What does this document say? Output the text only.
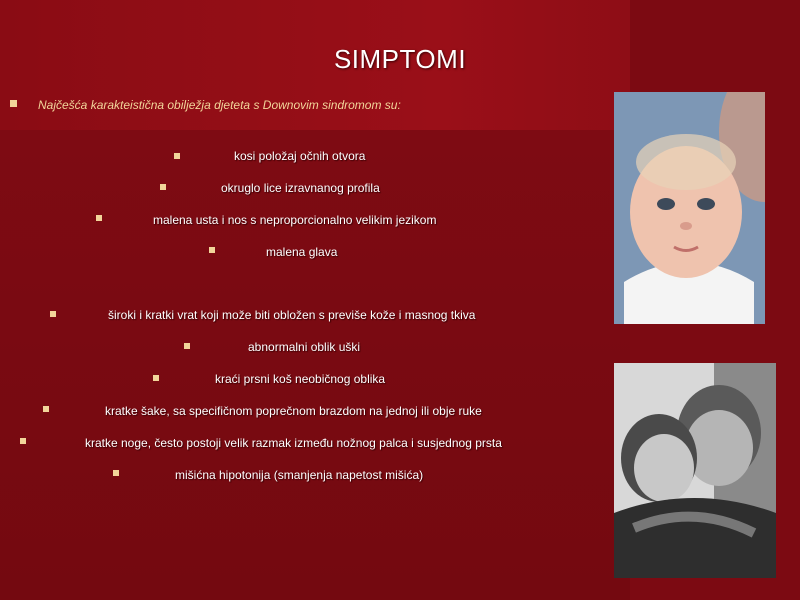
SIMPTOMI
Najčešća karakteistična obilježja djeteta s Downovim sindromom su:
kosi položaj očnih otvora
okruglo lice izravnanog profila
malena usta i nos s neproporcionalno velikim jezikom
malena glava
široki i kratki vrat koji može biti obložen s previše kože i masnog tkiva
abnormalni oblik uški
kraći prsni koš neobičnog oblika
kratke šake, sa specifičnom poprečnom brazdom na jednoj ili obje ruke
kratke noge, često postoji velik razmak između nožnog palca i susjednog prsta
mišićna hipotonija (smanjenja napetost mišića)
